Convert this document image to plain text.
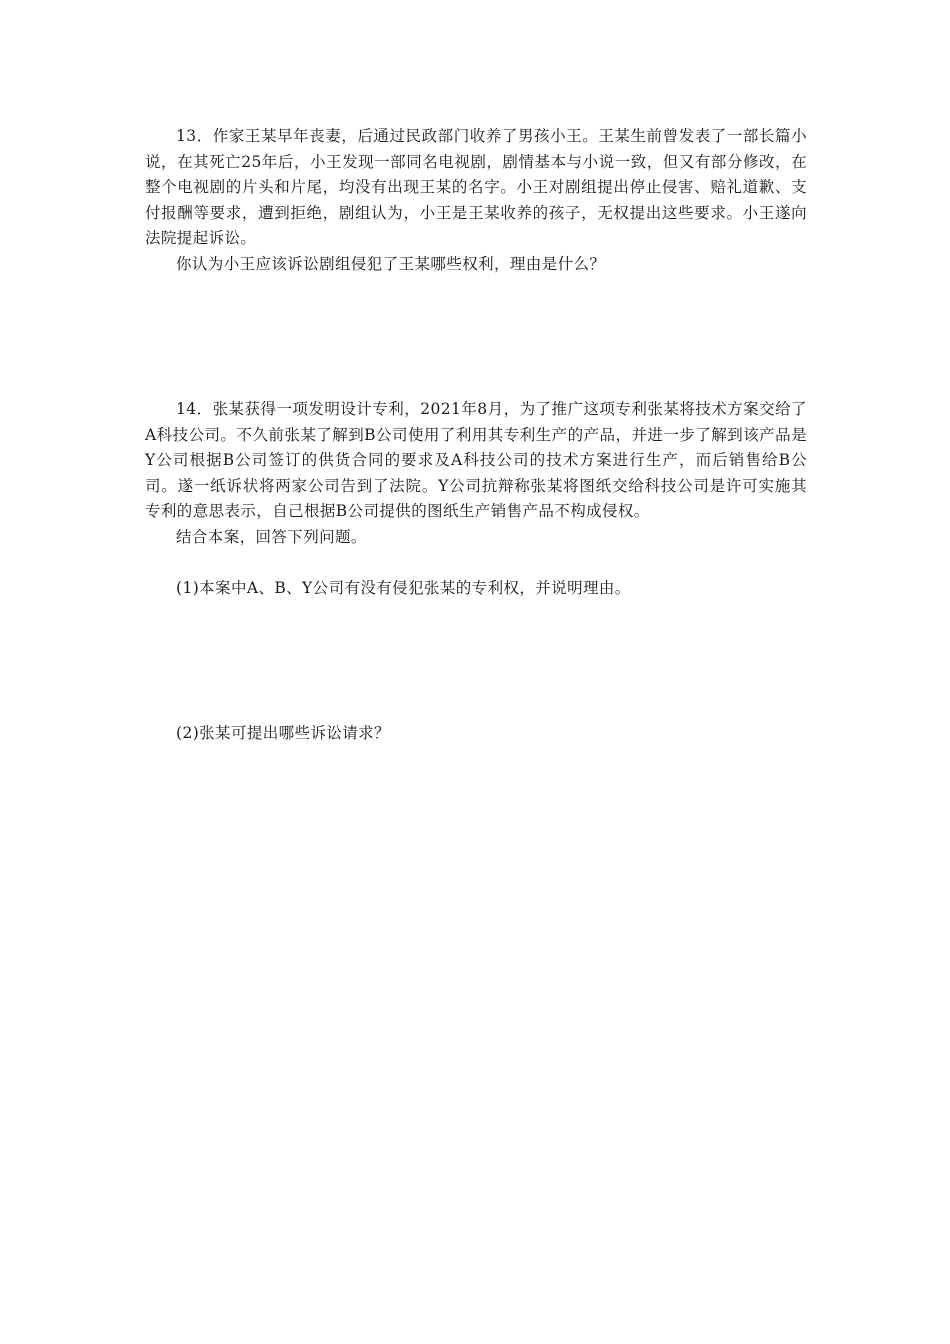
13．作家王某早年丧妻，后通过民政部门收养了男孩小王。王某生前曾发表了一部长篇小说，在其死亡25年后，小王发现一部同名电视剧，剧情基本与小说一致，但又有部分修改，在整个电视剧的片头和片尾，均没有出现王某的名字。小王对剧组提出停止侵害、赔礼道歉、支付报酬等要求，遭到拒绝，剧组认为，小王是王某收养的孩子，无权提出这些要求。小王遂向法院提起诉讼。

你认为小王应该诉讼剧组侵犯了王某哪些权利，理由是什么？

14．张某获得一项发明设计专利，2021年8月，为了推广这项专利张某将技术方案交给了A科技公司。不久前张某了解到B公司使用了利用其专利生产的产品，并进一步了解到该产品是Y公司根据B公司签订的供货合同的要求及A科技公司的技术方案进行生产，而后销售给B公司。遂一纸诉状将两家公司告到了法院。Y公司抗辩称张某将图纸交给科技公司是许可实施其专利的意思表示，自己根据B公司提供的图纸生产销售产品不构成侵权。

结合本案，回答下列问题。

(1)本案中A、B、Y公司有没有侵犯张某的专利权，并说明理由。

(2)张某可提出哪些诉讼请求？
